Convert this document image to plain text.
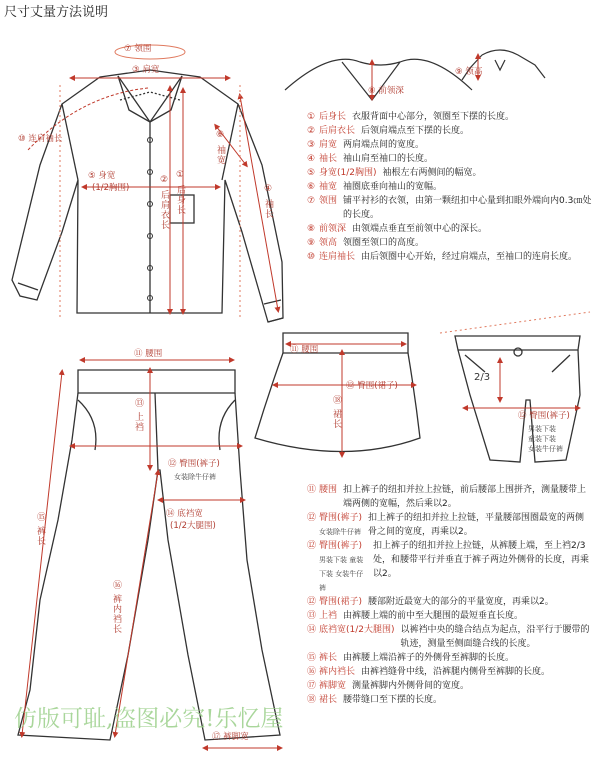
尺寸丈量方法说明
⑦ 领围
③ 肩宽
⑩ 连肩袖长
⑤ 身宽
(1/2胸围)	① 后身长
② 后肩衣长
⑥ 袖宽
④ 袖长
⑧ 前领深
⑨ 领高
① 后身长 衣服背面中心部分，领圈至下摆的长度。
② 后肩衣长 后领肩端点至下摆的长度。
③ 肩宽 两肩端点间的宽度。
④ 袖长 袖山肩至袖口的长度。
⑤ 身宽(1/2胸围) 袖根左右两侧间的幅宽。
⑥ 袖宽 袖圈底垂向袖山的宽幅。
⑦ 领围 铺平衬衫的衣领，由第一颗纽扣中心量到扣眼外端向内0.3㎝处的长度。
⑧ 前领深 由领端点垂直至前领中心的深长。
⑨ 领高 领圈至领口的高度。
⑩ 连肩袖长 由后领圈中心开始，经过肩端点，至袖口的连肩长度。
⑪ 腰围
⑫ 臀围(裙子)
⑱ 裙长
2/3
⑫ 臀围(裤子)
男装下装
童装下装
女装牛仔裤
⑪ 腰围
⑬ 上裆
⑫ 臀围(裤子)
女装除牛仔裤
⑭ 底裆宽
(1/2大腿围)
⑮ 裤长
⑯ 裤内裆长
⑰ 裤脚宽
⑪ 腰围 扣上裤子的纽扣并拉上拉链，前后腰部上围拼齐，测量腰带上端两侧的宽幅，然后乘以2。
⑫ 臀围(裤子)
女装除牛仔裤
扣上裤子的纽扣并拉上拉链，平量腰部围圈最宽的两侧骨之间的宽度，再乘以2。
⑫ 臀围(裤子)
男装下装 童装下装 女装牛仔裤
扣上裤子的纽扣并拉上拉链，从裤腰上端，至上裆2/3处，和腰带平行并垂直于裤子两边外侧骨的长度，再乘以2。
⑫ 臀围(裙子) 腰部附近最宽大的部分的平量宽度，再乘以2。
⑬ 上裆 由裤腰上端的前中至大腿围的最短垂直长度。
⑭ 底裆宽(1/2大腿围) 以裤裆中央的缝合结点为起点，沿平行于腰带的轨迹，测量至侧面缝合线的长度。
⑮ 裤长 由裤腰上端沿裤子的外侧骨至裤脚的长度。
⑯ 裤内裆长 由裤裆缝骨中线，沿裤腿内侧骨至裤脚的长度。
⑰ 裤脚宽 测量裤脚内外侧骨间的宽度。
⑱ 裙长 腰带缝口至下摆的长度。
仿版可耻,盗图必究!乐忆屋
